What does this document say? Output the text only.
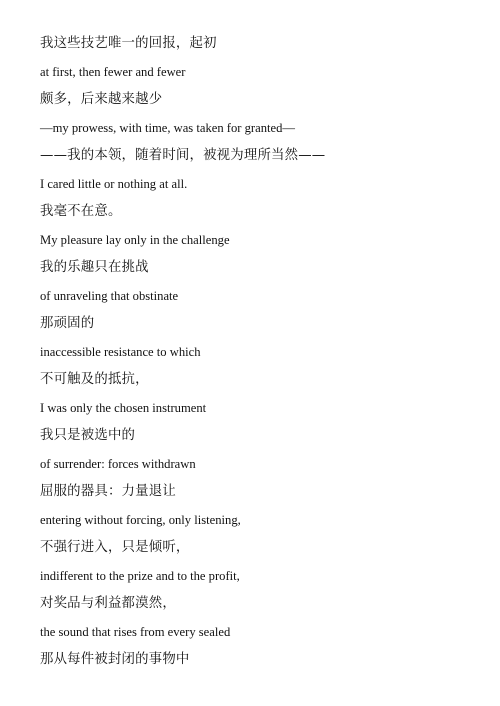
我这些技艺唯一的回报，起初
at first, then fewer and fewer
颇多，后来越来越少
—my prowess, with time, was taken for granted—
——我的本领，随着时间，被视为理所当然——
I cared little or nothing at all.
我毫不在意。
My pleasure lay only in the challenge
我的乐趣只在挑战
of unraveling that obstinate
那顽固的
inaccessible resistance to which
不可触及的抵抗，
I was only the chosen instrument
我只是被选中的
of surrender: forces withdrawn
屈服的器具：力量退让
entering without forcing, only listening,
不强行进入，只是倾听，
indifferent to the prize and to the profit,
对奖品与利益都漠然，
the sound that rises from every sealed
那从每件被封闭的事物中
